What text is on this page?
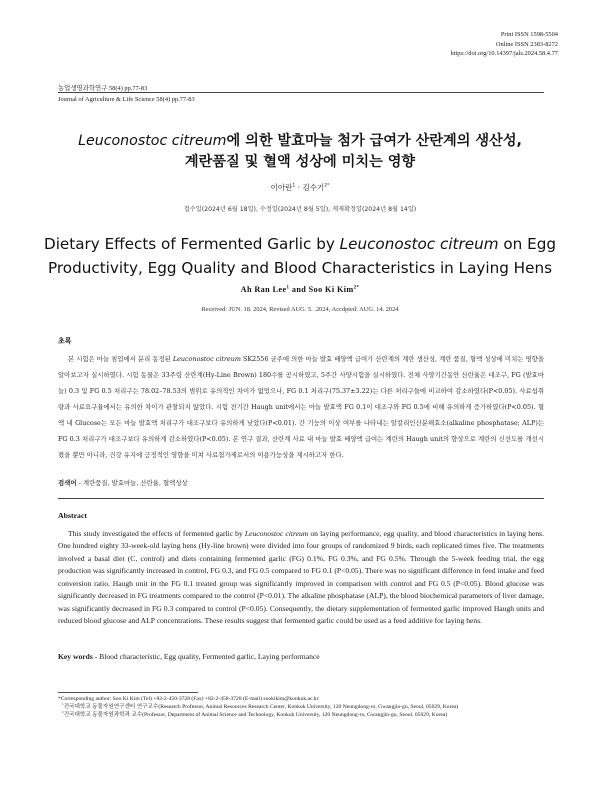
Print ISSN 1598-5504
Online ISSN 2383-8272
https://doi.org/10.14397/jals.2024.58.4.77
농업생명과학연구 58(4) pp.77-83
Journal of Agriculture & Life Science 58(4) pp.77-83
Leuconostoc citreum에 의한 발효마늘 첨가 급여가 산란계의 생산성,
계란품질 및 혈액 성상에 미치는 영향
이아란$^1$ · 김수기$^{2*}$
접수일(2024년 6월 18일), 수정일(2024년 8월 5일), 게재확정일(2024년 8월 14일)
Dietary Effects of Fermented Garlic by Leuconostoc citreum on Egg
Productivity, Egg Quality and Blood Characteristics in Laying Hens
Ah Ran Lee$^1$ and Soo Ki Kim$^{2*}$
Received: JUN. 18. 2024, Revised AUG. 5. .2024, Accdpted: AUG. 14. 2024
초록
본 시험은 마늘 침입에서 분리 동정된 Leuconostoc citreum SK2556 균주에 의한 마늘 발효 배양액 급여가 산란계의 계란 생산성, 계란 품질, 혈액 성상에 미치는 영향을 알아보고자 실시하였다. 시험 동물은 33주령 산란계(Hy-Line Brown) 180수를 공시하였고, 5주간 사양시험을 실시하였다. 전체 사양기간동안 산란율은 대조구, FG (발효마늘) 0.3 및 FG 0.5 처리구는 78.02–78.53의 범위로 유의적인 차이가 없었으나, FG 0.1 처리구(75.37±3.22)는 다른 처리구들에 비교하여 감소하였다(P<0.05). 사료섭취량과 사료요구율에서는 유의한 차이가 관찰되지 않았다. 시험 전기간 Haugh unit에서는 마늘 발효액 FG 0.1이 대조구와 FG 0.5에 비해 유의하게 증가하였다(P<0.05). 혈액 내 Glucose는 모든 마늘 발효액 처리구가 대조구보다 유의하게 낮았다(P<0.01). 간 기능의 이상 여부를 나타내는 알칼리인산분해효소(alkaline phosphatase; ALP)는 FG 0.3 처리구가 대조구보다 유의하게 감소하였다(P<0.05). 본 연구 결과, 산란계 사료 내 마늘 발효 배양액 급여는 계란의 Haugh unit의 향상으로 계란의 신선도를 개선시켰을 뿐만 아니라, 건강 유지에 긍정적인 영향을 미쳐 사료첨가제로서의 이용가능성을 제시하고자 한다.
검색어 - 계란품질, 발효마늘, 산란율, 혈액성상
Abstract
This study investigated the effects of fermented garlic by Leuconostoc citreum on laying performance, egg quality, and blood characteristics in laying hens. One hundred eighty 33-week-old laying hens (Hy-line brown) were divided into four groups of randomized 9 birds, each replicated times five. The treatments involved a basal diet (C, control) and diets containing fermented garlic (FG) 0.1%, FG 0.3%, and FG 0.5%. Through the 5-week feeding trial, the egg production was significantly increased in control, FG 0.3, and FG 0.5 compared to FG 0.1 (P<0.05). There was no significant difference in feed intake and feed conversion ratio. Haugh unit in the FG 0.1 treated group was significantly improved in comparison with control and FG 0.5 (P<0.05). Blood glucose was significantly decreased in FG treatments compared to the control (P<0.01). The alkaline phosphatase (ALP), the blood biochemical parameters of liver damage, was significantly decreased in FG 0.3 compared to control (P<0.05). Consequently, the dietary supplementation of fermented garlic improved Haugh units and reduced blood glucose and ALP concentrations. These results suggest that fermented garlic could be used as a feed additive for laying hens.
Key words - Blood characteristic, Egg quality, Fermented garlic, Laying performance

*Corresponding author: Soo Ki Kim (Tel) +82-2-450-3728 (Fax) +82-2-458-3728 (E-mail) sookikim@konkuk.ac.kr

$^1$건국대학교 동물자원연구센터 연구교수(Research Professor, Animal Resources Research Center, Konkuk University, 120 Neungdong-ro, Gwangjin-gu, Seoul, 05029, Korea)

$^2$건국대학교 동물자원과학과 교수(Professor, Department of Animal Science and Technology, Konkuk University, 120 Neungdong-ro, Gwangjin-gu, Seoul, 05029, Korea)
